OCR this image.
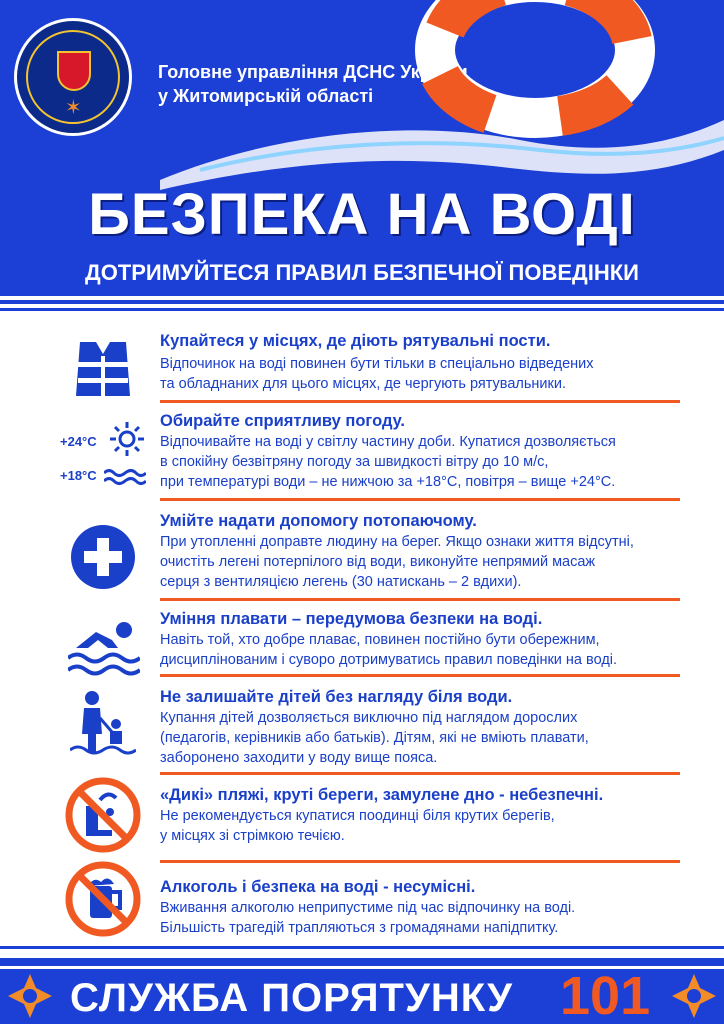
✶
Головне управління ДСНС України
у Житомирській області
БЕЗПЕКА НА ВОДІ
ДОТРИМУЙТЕСЯ ПРАВИЛ БЕЗПЕЧНОЇ ПОВЕДІНКИ
Купайтеся у місцях, де діють рятувальні пости.
Відпочинок на воді повинен бути тільки в спеціально відведених
та обладнаних для цього місцях, де чергують рятувальники.
+24°С
+18°С
Обирайте сприятливу погоду.
Відпочивайте на воді у світлу частину доби. Купатися дозволяється
в спокійну безвітряну погоду за швидкості вітру до 10 м/с,
при температурі води – не нижчою за +18°С, повітря – вище +24°С.
Умійте надати допомогу потопаючому.
При утопленні доправте людину на берег. Якщо ознаки життя відсутні,
очистіть легені потерпілого від води, виконуйте непрямий масаж
серця з вентиляцією легень (30 натискань – 2 вдихи).
Уміння плавати – передумова безпеки на воді.
Навіть той, хто добре плаває, повинен постійно бути обережним,
дисциплінованим і суворо дотримуватись правил поведінки на воді.
Не залишайте дітей без нагляду біля води.
Купання дітей дозволяється виключно під наглядом дорослих
(педагогів, керівників або батьків). Дітям, які не вміють плавати,
заборонено заходити у воду вище пояса.
«Дикі» пляжі, круті береги, замулене дно - небезпечні.
Не рекомендується купатися поодинці біля крутих берегів,
у місцях зі стрімкою течією.
Алкоголь і безпека на воді - несумісні.
Вживання алкоголю неприпустиме під час відпочинку на воді.
Більшість трагедій трапляються з громадянами напідпитку.
СЛУЖБА ПОРЯТУНКУ 101
